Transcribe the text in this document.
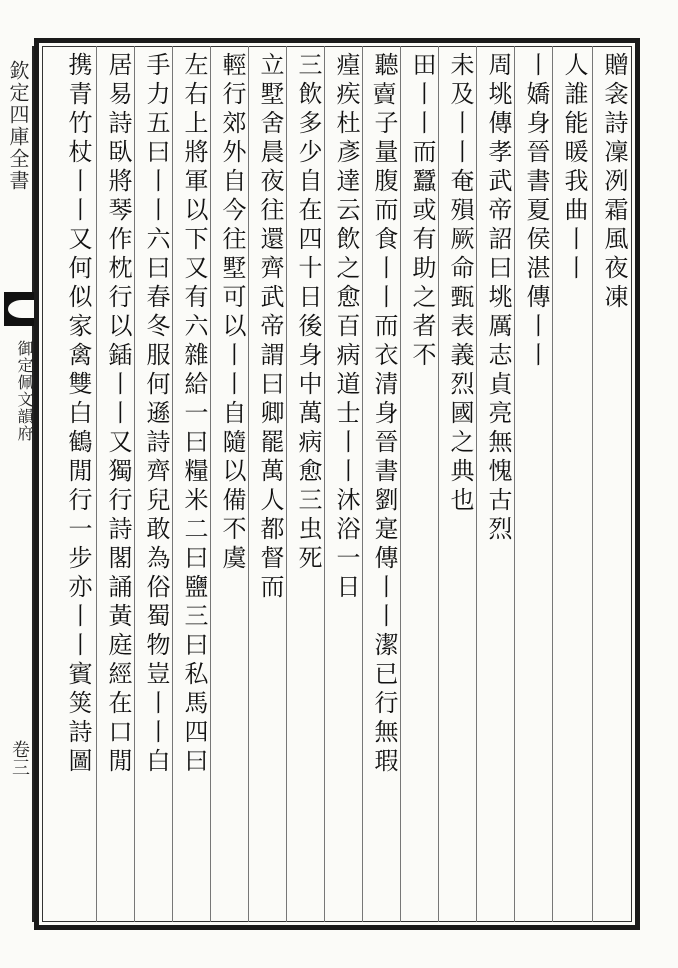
欽定四庫全書
御定佩文韻府
卷三
贈衾詩凜冽霜風夜凍
人誰能暖我曲丨丨
丨嬌身晉書夏侯湛傳丨丨
周垗傳孝武帝詔曰垗厲志貞亮無愧古烈
未及丨丨奄殞厥命甄表義烈國之典也
田丨丨而蠶或有助之者不
聽𧷗子量腹而食丨丨而衣清身晉書劉寔傳丨丨潔已行無瑕
㾮疾杜彥達云飲之愈百病道士丨丨沐浴一日
三飲多少自在四十日後身中萬病愈三虫死
立墅舍晨夜往還齊武帝謂曰卿罷萬人都督而
輕行郊外自今往墅可以丨丨自隨以備不虞
左右上將軍以下又有六雜給一曰糧米二曰鹽三曰私馬四曰
手力五曰丨丨六曰春冬服何遜詩齊兒敢為俗蜀物豈丨丨白
居易詩臥將琴作枕行以鍤丨丨又獨行詩閣誦黃庭經在口閒
携青竹杖丨丨又何似家禽雙白鶴閒行一步亦丨丨賓䇲詩圖
